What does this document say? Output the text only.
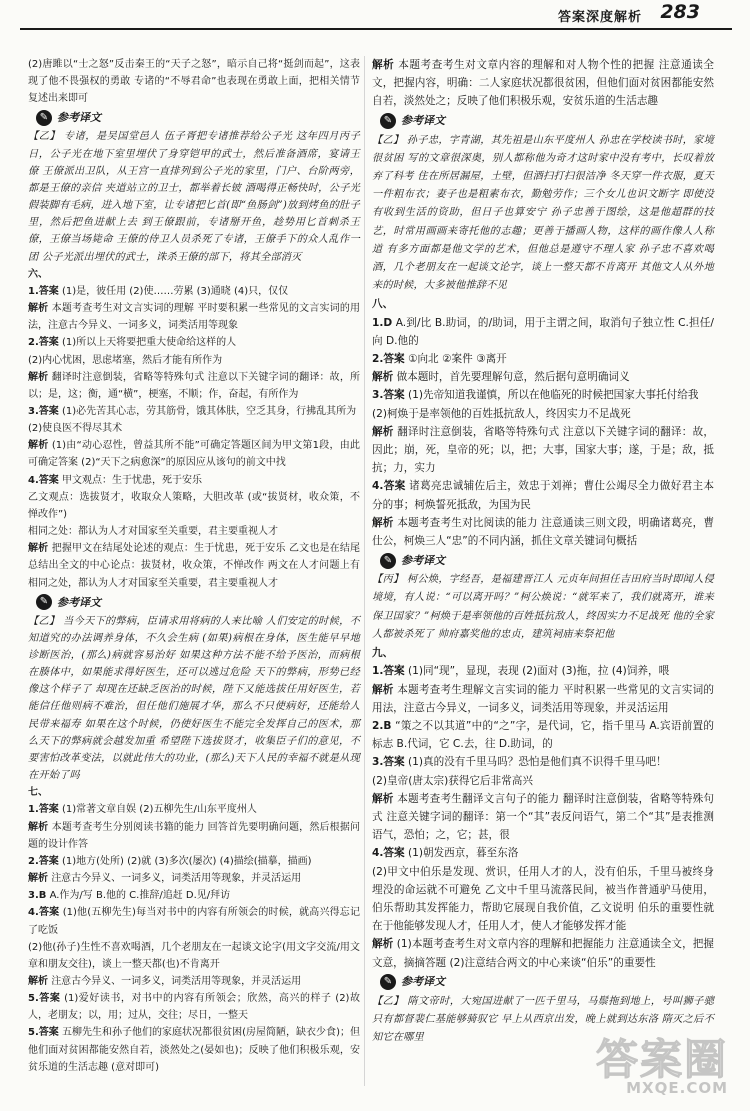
答案深度解析 283

(2)唐雎以“士之怒”反击秦王的“天子之怒”，暗示自己将“挺剑而起”，这表现了他不畏强权的勇敢 专诸的“不辱君命”也表现在勇敢上面，把相关情节复述出来即可

✎ 参考译文

【乙】 专诸，是吴国堂邑人 伍子胥把专诸推荐给公子光 这年四月丙子日，公子光在地下室里埋伏了身穿铠甲的武士，然后准备酒席，宴请王僚 王僚派出卫队，从王宫一直排列到公子光的家里，门户、台阶两旁，都是王僚的亲信 夹道站立的卫士，都举着长铍 酒喝得正畅快时，公子光假装脚有毛病，进入地下室，让专诸把匕首(即“鱼肠剑”)放到烤鱼的肚子里，然后把鱼进献上去 到王僚跟前，专诸掰开鱼，趁势用匕首刺杀王僚，王僚当场毙命 王僚的侍卫人员杀死了专诸，王僚手下的众人乱作一团 公子光派出埋伏的武士，诛杀王僚的部下，将其全部消灭

六、

1.答案 (1)是，彼任用 (2)使……劳累 (3)通晓 (4)只，仅仅

解析 本题考查考生对文言实词的理解 平时要积累一些常见的文言实词的用法，注意古今异义、一词多义，词类活用等现象

2.答案 (1)所以上天将要把重大使命给这样的人

(2)内心忧困，思虑堵塞，然后才能有所作为

解析 翻译时注意倒装，省略等特殊句式 注意以下关键字词的翻译：故，所以；是，这；衡，通“横”，梗塞，不顺；作，奋起，有所作为

3.答案 (1)必先苦其心志，劳其筋骨，饿其体肤，空乏其身，行拂乱其所为

(2)使良医不得尽其术

解析 (1)由“动心忍性，曾益其所不能”可确定答题区间为甲文第1段，由此可确定答案 (2)“天下之病愈深”的原因应从该句的前文中找

4.答案 甲文观点：生于忧患，死于安乐

乙文观点：选拔贤才，收取众人策略，大胆改革 (或“拔贤材，收众策，不惮改作”)

相同之处：都认为人才对国家至关重要，君主要重视人才

解析 把握甲文在结尾处论述的观点：生于忧患，死于安乐 乙文也是在结尾总结出全文的中心论点：拔贤材，收众策，不惮改作 两文在人才问题上有相同之处，都认为人才对国家至关重要，君主要重视人才

✎ 参考译文

【乙】 当今天下的弊病，臣请求用将病的人来比喻 人们安定的时候，不知道究的办法调养身体，不久会生病 (如果)病根在身体，医生能早早地诊断医治，(那么)病就容易治好 如果这种方法不能不给予医治，而病根在腠体中，如果能求得好医生，还可以逃过危险 天下的弊病，形势已经像这个样子了 却现在还缺乏医治的时候，陛下又能选拔任用好医生，若能信任他则病不难治，但任他们施展才华，那么不只使病好，还能给人民带来福寿 如果在这个时候，仍使好医生不能完全发挥自己的医术，那么天下的弊病就会越发加重 希望陛下选拔贤才，收集臣子们的意见，不要害怕改革变法，以就此伟大的功业，(那么)天下人民的幸福不就是从现在开始了吗

七、

1.答案 (1)常著文章自娱 (2)五柳先生/山东平度州人

解析 本题考查考生分别阅读书籍的能力 回答首先要明确问题，然后根据问题的设计作答

2.答案 (1)地方(处所) (2)就 (3)多次(屡次) (4)描绘(描摹，描画)

解析 注意古今异义、一词多义，词类活用等现象，并灵活运用

3.B A.作为/写 B.他的 C.推辞/追赶 D.见/拜访

4.答案 (1)他(五柳先生)每当对书中的内容有所领会的时候，就高兴得忘记了吃饭

(2)他(孙子)生性不喜欢喝酒，几个老朋友在一起谈文论字(用文字交流/用文章和朋友交往)，谈上一整天都(也)不肯离开

解析 注意古今异义、一词多义，词类活用等现象，并灵活运用

5.答案 (1)爱好读书，对书中的内容有所领会；欣然，高兴的样子 (2)故人，老朋友；以，用；过从，交往；尽日，一整天

5.答案 五柳先生和孙子他们的家庭状况都很贫困(房屋简陋，缺衣少食)；但他们面对贫困都能安然自若，淡然处之(晏如也)；反映了他们积极乐观，安贫乐道的生活志趣 (意对即可)

解析 本题考查考生对文章内容的理解和对人物个性的把握 注意通读全文，把握内容，明确：二人家庭状况都很贫困，但他们面对贫困都能安然自若，淡然处之；反映了他们积极乐观，安贫乐道的生活志趣

✎ 参考译文

【乙】 孙子忠，字青湖，其先祖是山东平度州人 孙忠在学校读书时，家境很贫困 写的文章很深奥，别人都称他为奇才这时家中没有考中，长叹着放弃了科考 住在所居漏屋，土壁，但酒扫打扫很洁净 冬天穿一件衣服，夏天一件粗布衣；妻子也是粗素布衣，勤勉劳作；三个女儿也识文断字 即使没有收到生活的资助，但日子也算安宁 孙子忠善于图绘，这是他超群的技艺，时常用画画来寄托他的志趣；更善于播画人物，这样的画作像人人称道 有多方面都是他文学的艺术，但他总是遵守不理人家 孙子忠不喜欢喝酒，几个老朋友在一起谈文论字，谈上一整天都不肯离开 其他文人从外地来的时候，大多被他推辞不见

八、

1.D A.到/比 B.助词，的/助词，用于主谓之间，取消句子独立性 C.担任/向 D.他的

2.答案 ①向北 ②案件 ③离开

解析 做本题时，首先要理解句意，然后据句意明确词义

3.答案 (1)先帝知道我谨慎，所以在他临死的时候把国家大事托付给我

(2)柯焕于是率领他的百姓抵抗敌人，终因实力不足战死

解析 翻译时注意倒装，省略等特殊句式 注意以下关键字词的翻译：故，因此；崩，死，皇帝的死；以，把；大事，国家大事；遂，于是；敌，抵抗；力，实力

4.答案 诸葛亮忠诚辅佐后主，效忠于刘禅；曹仕公竭尽全力做好君主本分的事；柯焕誓死抵敌，为国为民

解析 本题考查考生对比阅读的能力 注意通读三则文段，明确诸葛亮，曹仕公，柯焕三人“忠”的不同内涵，抓住文章关键词句概括

✎ 参考译文

【丙】 柯公焕，字经吾，是福建晋江人 元贞年间担任吉田府当时即闻人侵境境，有人说：“可以离开吗？”柯公焕说：“就军来了，我们就离开，谁来保卫国家？”柯焕于是率领他的百姓抵抗敌人，终因实力不足战死 他的全家人都被杀死了 帅府嘉奖他的忠贞，建筑祠庙来祭祀他

九、

1.答案 (1)同“现”，显现，表现 (2)面对 (3)拖，拉 (4)饲养，喂

解析 本题考查考生理解文言实词的能力 平时积累一些常见的文言实词的用法，注意古今异义，一词多义，词类活用等现象，并灵活运用

2.B “策之不以其道”中的“之”字，是代词，它，指千里马 A.宾语前置的标志 B.代词，它 C.去，往 D.助词，的

3.答案 (1)真的没有千里马吗？恐怕是他们真不识得千里马吧！

(2)皇帝(唐太宗)获得它后非常高兴

解析 本题考查考生翻译文言句子的能力 翻译时注意倒装，省略等特殊句式 注意关键字词的翻译：第一个“其”表反问语气，第二个“其”是表推测语气，恐怕；之，它；甚，很

4.答案 (1)朝发西京，暮至东洛

(2)甲文中伯乐是发现、赏识，任用人才的人，没有伯乐，千里马被终身埋没的命运就不可避免 乙文中千里马流落民间，被当作普通驴马使用，伯乐帮助其发挥能力，帮助它展现自我价值，乙文说明 伯乐的重要性就在于他能够发现人才，任用人才，使人才能够发挥才能

解析 (1)本题考查考生对文章内容的理解和把握能力 注意通读全文，把握文意，摘摘答题 (2)注意结合两文的中心来谈“伯乐”的重要性

✎ 参考译文

【乙】 隋文帝时，大宛国进献了一匹千里马，马鬃拖到地上，号叫狮子骢 只有都督裴仁基能够骑驭它 早上从西京出发，晚上就到达东洛 隋灭之后不知它在哪里	答案圈
MXQE.COM
